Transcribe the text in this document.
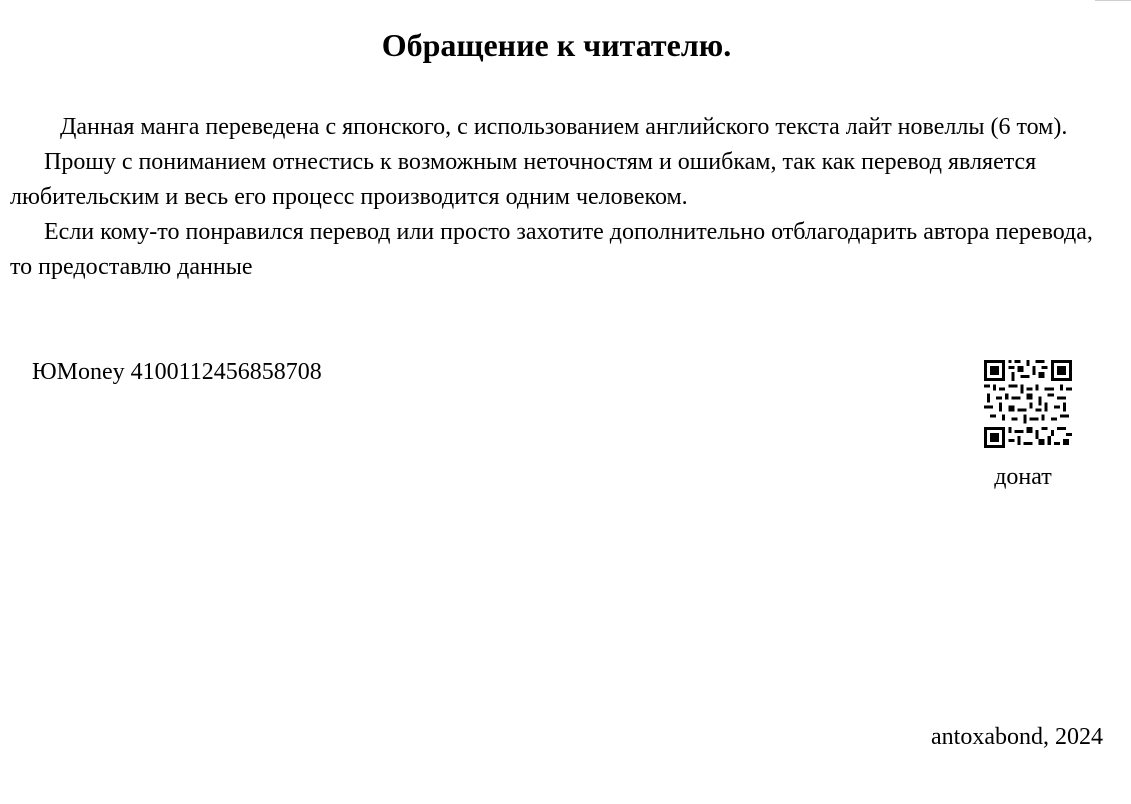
Обращение к читателю.

Данная манга переведена с японского, с использованием английского текста лайт новеллы (6 том).

Прошу с пониманием отнестись к возможным неточностям и ошибкам, так как перевод является любительским и весь его процесс производится одним человеком.

Если кому-то понравился перевод или просто захотите дополнительно отблагодарить автора перевода, то предоставлю данные

ЮMoney 4100112456858708
донат
antoxabond, 2024
